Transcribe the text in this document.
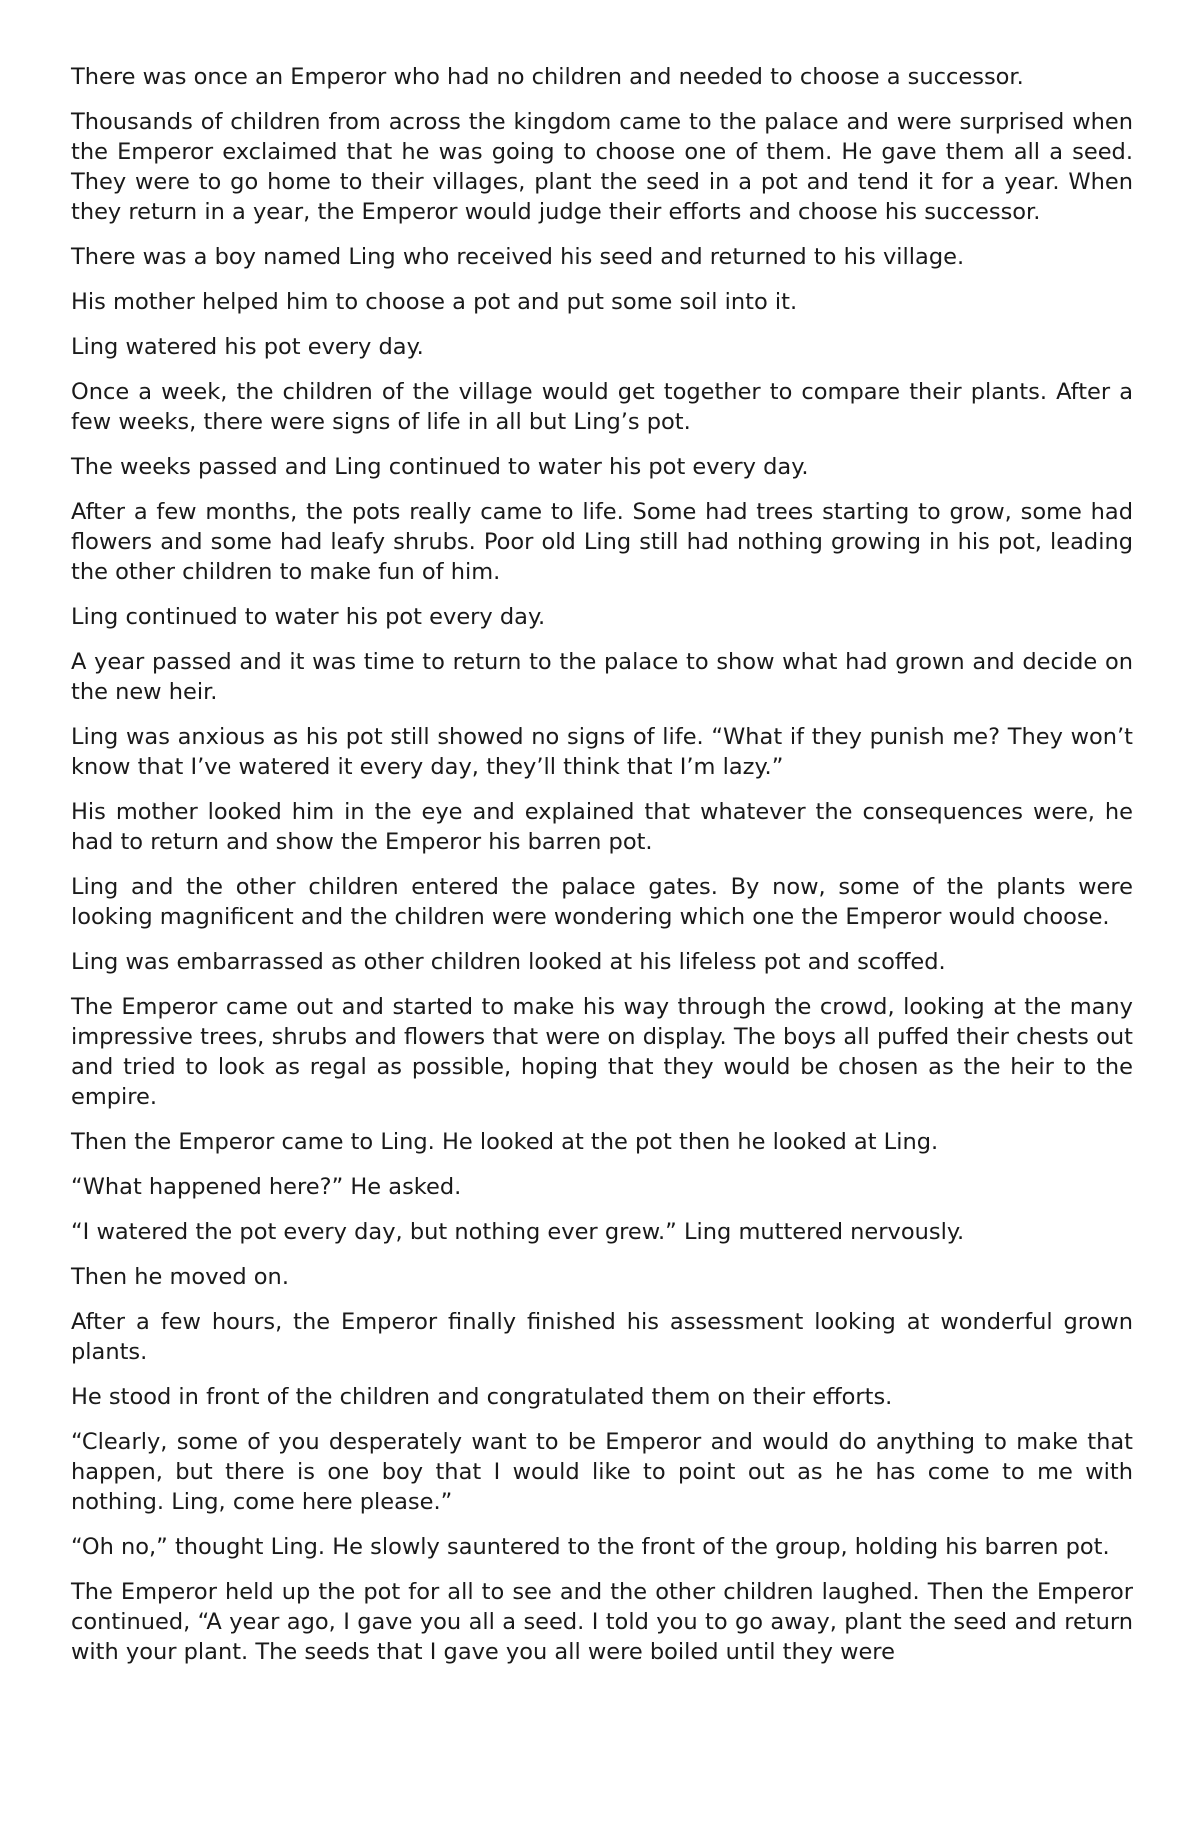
There was once an Emperor who had no children and needed to choose a successor.

Thousands of children from across the kingdom came to the palace and were surprised when the Emperor exclaimed that he was going to choose one of them. He gave them all a seed. They were to go home to their villages, plant the seed in a pot and tend it for a year. When they return in a year, the Emperor would judge their efforts and choose his successor.

There was a boy named Ling who received his seed and returned to his village.

His mother helped him to choose a pot and put some soil into it.

Ling watered his pot every day.

Once a week, the children of the village would get together to compare their plants. After a few weeks, there were signs of life in all but Ling’s pot.

The weeks passed and Ling continued to water his pot every day.

After a few months, the pots really came to life. Some had trees starting to grow, some had flowers and some had leafy shrubs. Poor old Ling still had nothing growing in his pot, leading the other children to make fun of him.

Ling continued to water his pot every day.

A year passed and it was time to return to the palace to show what had grown and decide on the new heir.

Ling was anxious as his pot still showed no signs of life. “What if they punish me? They won’t know that I’ve watered it every day, they’ll think that I’m lazy.”

His mother looked him in the eye and explained that whatever the consequences were, he had to return and show the Emperor his barren pot.

Ling and the other children entered the palace gates. By now, some of the plants were looking magnificent and the children were wondering which one the Emperor would choose.

Ling was embarrassed as other children looked at his lifeless pot and scoffed.

The Emperor came out and started to make his way through the crowd, looking at the many impressive trees, shrubs and flowers that were on display. The boys all puffed their chests out and tried to look as regal as possible, hoping that they would be chosen as the heir to the empire.

Then the Emperor came to Ling. He looked at the pot then he looked at Ling.

“What happened here?” He asked.

“I watered the pot every day, but nothing ever grew.” Ling muttered nervously.

Then he moved on.

After a few hours, the Emperor finally finished his assessment looking at wonderful grown plants.

He stood in front of the children and congratulated them on their efforts.

“Clearly, some of you desperately want to be Emperor and would do anything to make that happen, but there is one boy that I would like to point out as he has come to me with nothing. Ling, come here please.”

“Oh no,” thought Ling. He slowly sauntered to the front of the group, holding his barren pot.

The Emperor held up the pot for all to see and the other children laughed. Then the Emperor continued, “A year ago, I gave you all a seed. I told you to go away, plant the seed and return with your plant. The seeds that I gave you all were boiled until they were
